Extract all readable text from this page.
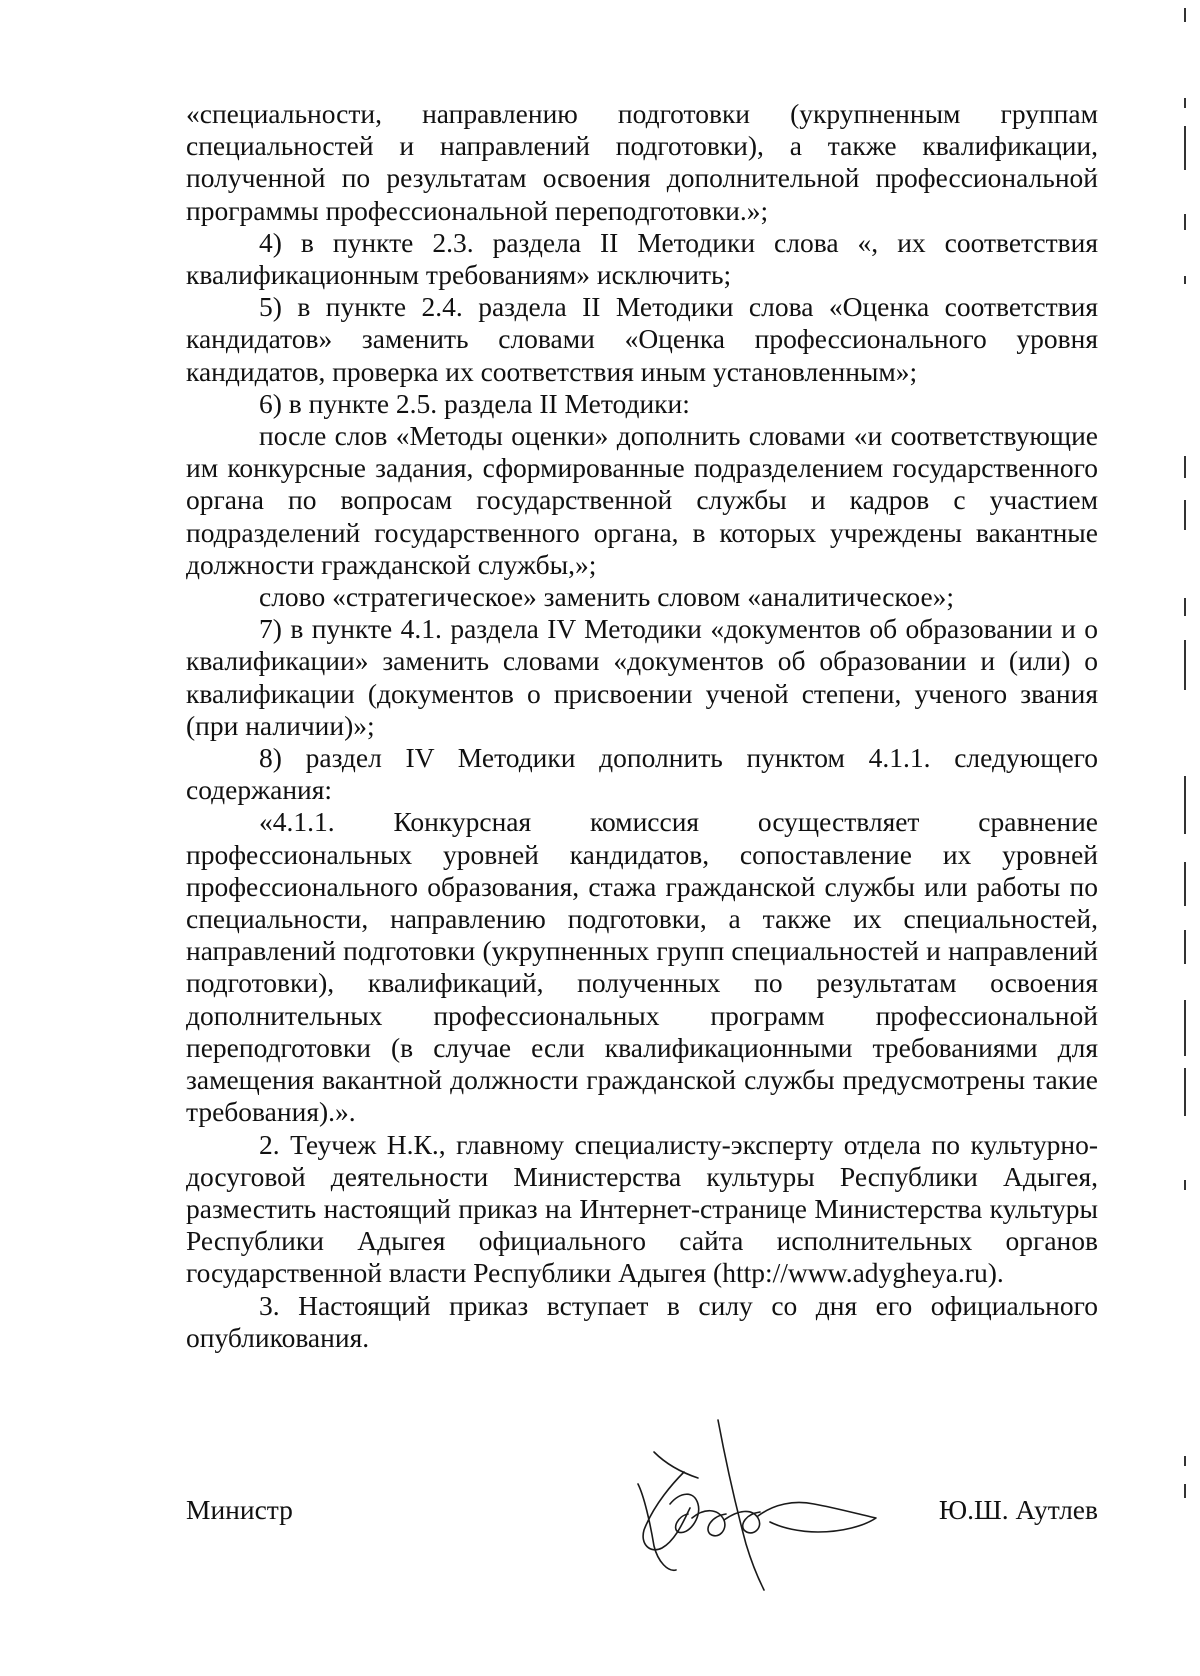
«специальности, направлению подготовки (укрупненным группам специальностей и направлений подготовки), а также квалификации, полученной по результатам освоения дополнительной профессиональной программы профессиональной переподготовки.»;

4) в пункте 2.3. раздела II Методики слова «, их соответствия квалификационным требованиям» исключить;

5) в пункте 2.4. раздела II Методики слова «Оценка соответствия кандидатов» заменить словами «Оценка профессионального уровня кандидатов, проверка их соответствия иным установленным»;

6) в пункте 2.5. раздела II Методики:

после слов «Методы оценки» дополнить словами «и соответствующие им конкурсные задания, сформированные подразделением государственного органа по вопросам государственной службы и кадров с участием подразделений государственного органа, в которых учреждены вакантные должности гражданской службы,»;

слово «стратегическое» заменить словом «аналитическое»;

7) в пункте 4.1. раздела IV Методики «документов об образовании и о квалификации» заменить словами «документов об образовании и (или) о квалификации (документов о присвоении ученой степени, ученого звания (при наличии)»;

8) раздел IV Методики дополнить пунктом 4.1.1. следующего содержания:

«4.1.1. Конкурсная комиссия осуществляет сравнение профессиональных уровней кандидатов, сопоставление их уровней профессионального образования, стажа гражданской службы или работы по специальности, направлению подготовки, а также их специальностей, направлений подготовки (укрупненных групп специальностей и направлений подготовки), квалификаций, полученных по результатам освоения дополнительных профессиональных программ профессиональной переподготовки (в случае если квалификационными требованиями для замещения вакантной должности гражданской службы предусмотрены такие требования).».

2. Теучеж Н.К., главному специалисту-эксперту отдела по культурно-досуговой деятельности Министерства культуры Республики Адыгея, разместить настоящий приказ на Интернет-странице Министерства культуры Республики Адыгея официального сайта исполнительных органов государственной власти Республики Адыгея (http://www.adygheya.ru).

3. Настоящий приказ вступает в силу со дня его официального опубликования.

Министр	Ю.Ш. Аутлев
